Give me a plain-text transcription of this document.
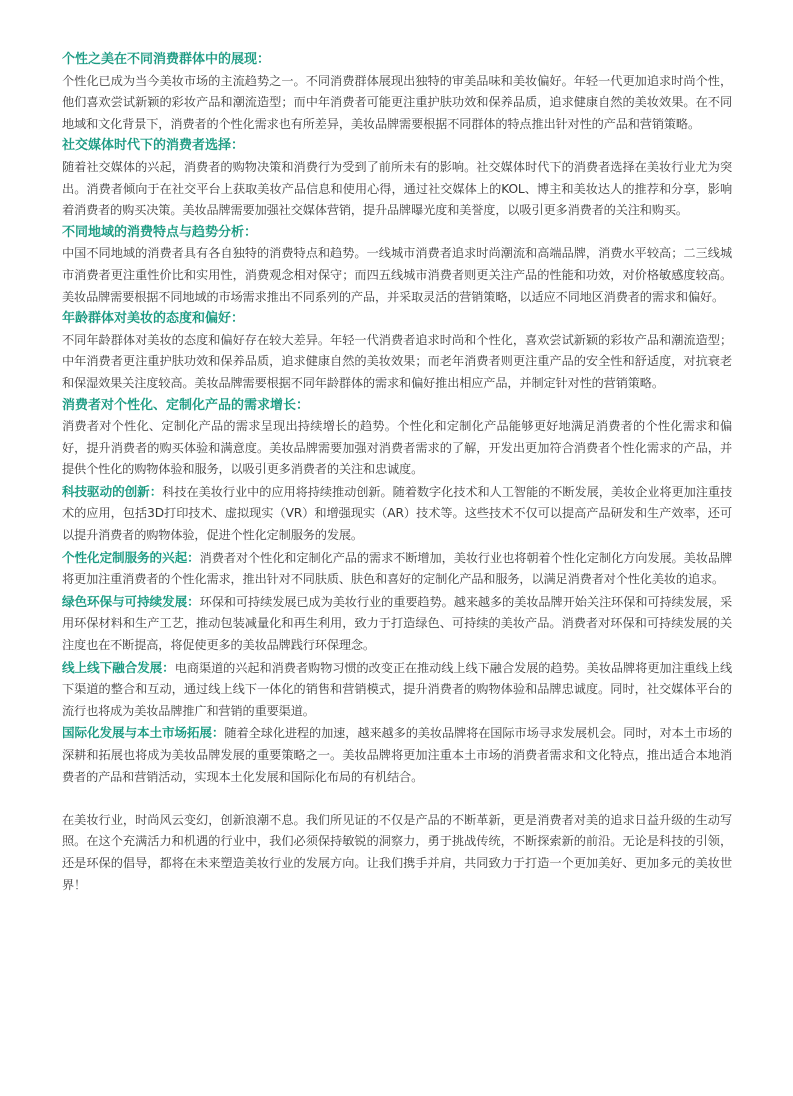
个性之美在不同消费群体中的展现：

个性化已成为当今美妆市场的主流趋势之一。不同消费群体展现出独特的审美品味和美妆偏好。年轻一代更加追求时尚个性，他们喜欢尝试新颖的彩妆产品和潮流造型；而中年消费者可能更注重护肤功效和保养品质，追求健康自然的美妆效果。在不同地域和文化背景下，消费者的个性化需求也有所差异，美妆品牌需要根据不同群体的特点推出针对性的产品和营销策略。

社交媒体时代下的消费者选择：

随着社交媒体的兴起，消费者的购物决策和消费行为受到了前所未有的影响。社交媒体时代下的消费者选择在美妆行业尤为突出。消费者倾向于在社交平台上获取美妆产品信息和使用心得，通过社交媒体上的KOL、博主和美妆达人的推荐和分享，影响着消费者的购买决策。美妆品牌需要加强社交媒体营销，提升品牌曝光度和美誉度，以吸引更多消费者的关注和购买。

不同地域的消费特点与趋势分析：

中国不同地域的消费者具有各自独特的消费特点和趋势。一线城市消费者追求时尚潮流和高端品牌，消费水平较高；二三线城市消费者更注重性价比和实用性，消费观念相对保守；而四五线城市消费者则更关注产品的性能和功效，对价格敏感度较高。美妆品牌需要根据不同地域的市场需求推出不同系列的产品，并采取灵活的营销策略，以适应不同地区消费者的需求和偏好。

年龄群体对美妆的态度和偏好：

不同年龄群体对美妆的态度和偏好存在较大差异。年轻一代消费者追求时尚和个性化，喜欢尝试新颖的彩妆产品和潮流造型；中年消费者更注重护肤功效和保养品质，追求健康自然的美妆效果；而老年消费者则更注重产品的安全性和舒适度，对抗衰老和保湿效果关注度较高。美妆品牌需要根据不同年龄群体的需求和偏好推出相应产品，并制定针对性的营销策略。

消费者对个性化、定制化产品的需求增长：

消费者对个性化、定制化产品的需求呈现出持续增长的趋势。个性化和定制化产品能够更好地满足消费者的个性化需求和偏好，提升消费者的购买体验和满意度。美妆品牌需要加强对消费者需求的了解，开发出更加符合消费者个性化需求的产品，并提供个性化的购物体验和服务，以吸引更多消费者的关注和忠诚度。

科技驱动的创新：科技在美妆行业中的应用将持续推动创新。随着数字化技术和人工智能的不断发展，美妆企业将更加注重技术的应用，包括3D打印技术、虚拟现实（VR）和增强现实（AR）技术等。这些技术不仅可以提高产品研发和生产效率，还可以提升消费者的购物体验，促进个性化定制服务的发展。

个性化定制服务的兴起：消费者对个性化和定制化产品的需求不断增加，美妆行业也将朝着个性化定制化方向发展。美妆品牌将更加注重消费者的个性化需求，推出针对不同肤质、肤色和喜好的定制化产品和服务，以满足消费者对个性化美妆的追求。

绿色环保与可持续发展：环保和可持续发展已成为美妆行业的重要趋势。越来越多的美妆品牌开始关注环保和可持续发展，采用环保材料和生产工艺，推动包装减量化和再生利用，致力于打造绿色、可持续的美妆产品。消费者对环保和可持续发展的关注度也在不断提高，将促使更多的美妆品牌践行环保理念。

线上线下融合发展：电商渠道的兴起和消费者购物习惯的改变正在推动线上线下融合发展的趋势。美妆品牌将更加注重线上线下渠道的整合和互动，通过线上线下一体化的销售和营销模式，提升消费者的购物体验和品牌忠诚度。同时，社交媒体平台的流行也将成为美妆品牌推广和营销的重要渠道。

国际化发展与本土市场拓展：随着全球化进程的加速，越来越多的美妆品牌将在国际市场寻求发展机会。同时，对本土市场的深耕和拓展也将成为美妆品牌发展的重要策略之一。美妆品牌将更加注重本土市场的消费者需求和文化特点，推出适合本地消费者的产品和营销活动，实现本土化发展和国际化布局的有机结合。

在美妆行业，时尚风云变幻，创新浪潮不息。我们所见证的不仅是产品的不断革新，更是消费者对美的追求日益升级的生动写照。在这个充满活力和机遇的行业中，我们必须保持敏锐的洞察力，勇于挑战传统，不断探索新的前沿。无论是科技的引领，还是环保的倡导，都将在未来塑造美妆行业的发展方向。让我们携手并肩，共同致力于打造一个更加美好、更加多元的美妆世界！
